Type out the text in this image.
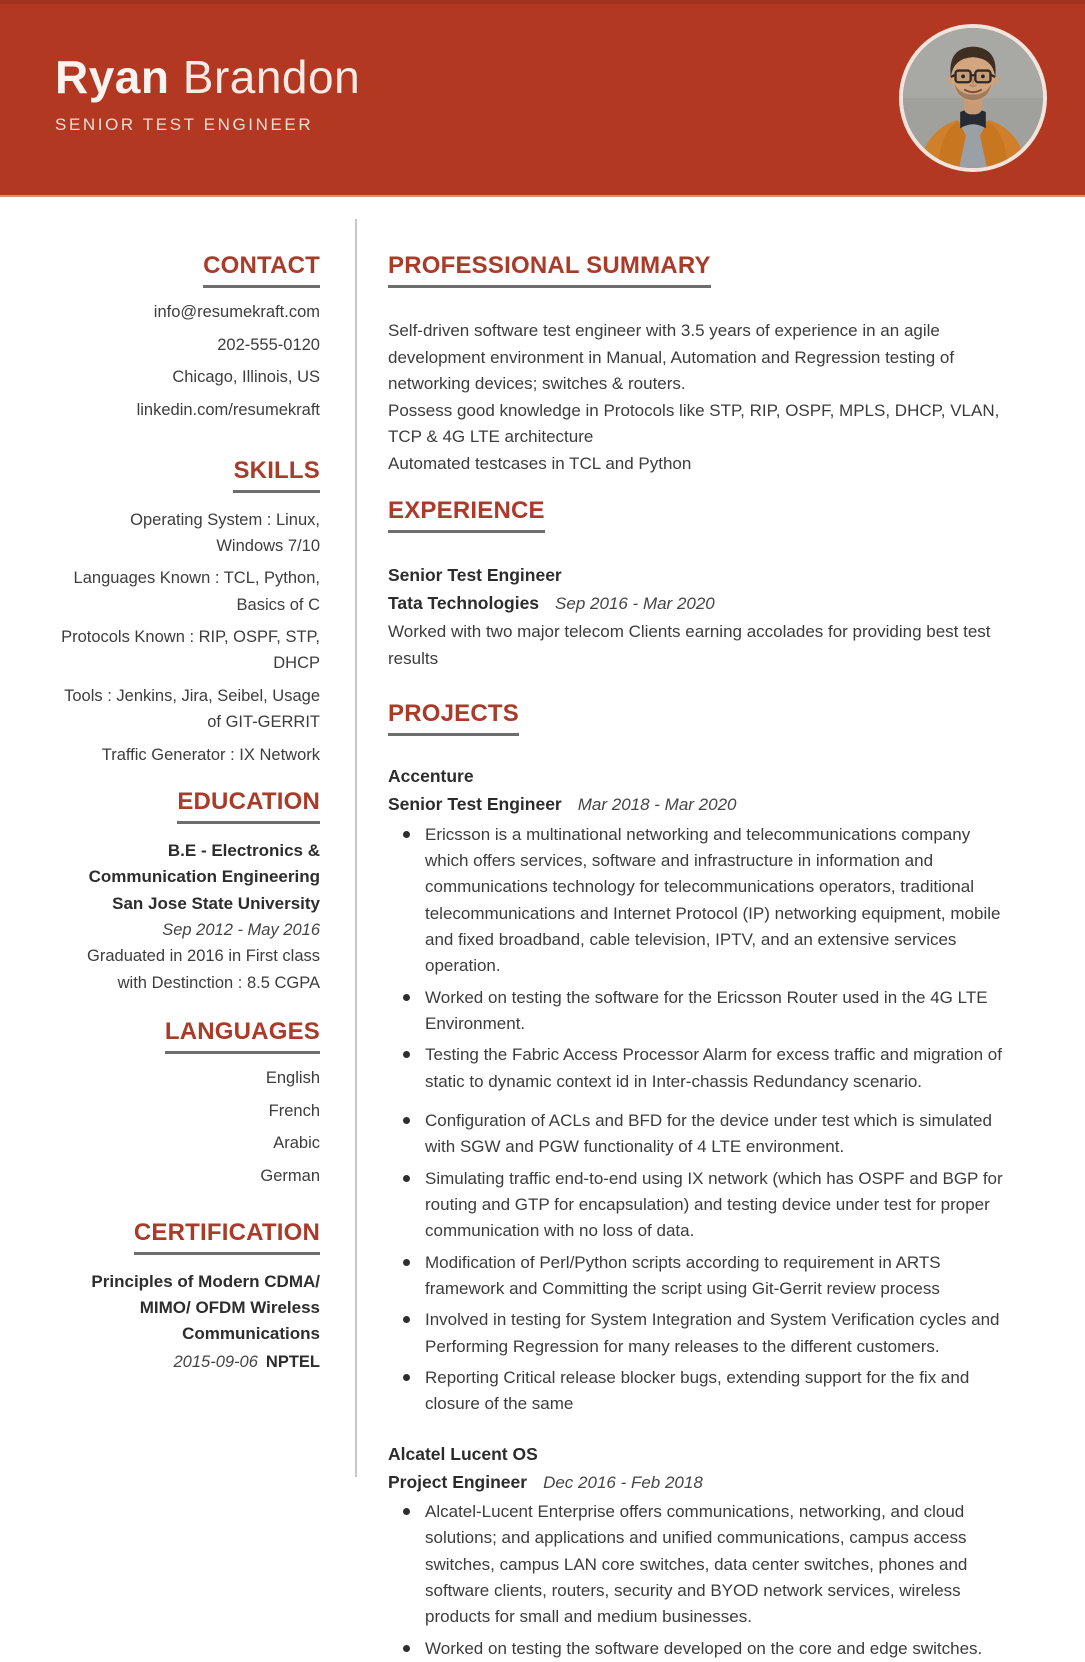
Ryan Brandon
SENIOR TEST ENGINEER
CONTACT
info@resumekraft.com
202-555-0120
Chicago, Illinois, US
linkedin.com/resumekraft
SKILLS
Operating System : Linux, Windows 7/10
Languages Known : TCL, Python, Basics of C
Protocols Known : RIP, OSPF, STP, DHCP
Tools : Jenkins, Jira, Seibel, Usage of GIT-GERRIT
Traffic Generator : IX Network
EDUCATION
B.E - Electronics & Communication Engineering
San Jose State University
Sep 2012 - May 2016
Graduated in 2016 in First class with Destinction : 8.5 CGPA
LANGUAGES
English
French
Arabic
German
CERTIFICATION
Principles of Modern CDMA/ MIMO/ OFDM Wireless Communications
2015-09-06 NPTEL
PROFESSIONAL SUMMARY

Self-driven software test engineer with 3.5 years of experience in an agile development environment in Manual, Automation and Regression testing of networking devices; switches & routers.

Possess good knowledge in Protocols like STP, RIP, OSPF, MPLS, DHCP, VLAN, TCP & 4G LTE architecture

Automated testcases in TCL and Python

EXPERIENCE
Senior Test Engineer
Tata Technologies Sep 2016 - Mar 2020

Worked with two major telecom Clients earning accolades for providing best test results

PROJECTS
Accenture
Senior Test Engineer Mar 2018 - Mar 2020
Ericsson is a multinational networking and telecommunications company which offers services, software and infrastructure in information and communications technology for telecommunications operators, traditional telecommunications and Internet Protocol (IP) networking equipment, mobile and fixed broadband, cable television, IPTV, and an extensive services operation.
Worked on testing the software for the Ericsson Router used in the 4G LTE Environment.
Testing the Fabric Access Processor Alarm for excess traffic and migration of static to dynamic context id in Inter-chassis Redundancy scenario.
Configuration of ACLs and BFD for the device under test which is simulated with SGW and PGW functionality of 4 LTE environment.
Simulating traffic end-to-end using IX network (which has OSPF and BGP for routing and GTP for encapsulation) and testing device under test for proper communication with no loss of data.
Modification of Perl/Python scripts according to requirement in ARTS framework and Committing the script using Git-Gerrit review process
Involved in testing for System Integration and System Verification cycles and Performing Regression for many releases to the different customers.
Reporting Critical release blocker bugs, extending support for the fix and closure of the same
Alcatel Lucent OS
Project Engineer Dec 2016 - Feb 2018
Alcatel-Lucent Enterprise offers communications, networking, and cloud solutions; and applications and unified communications, campus access switches, campus LAN core switches, data center switches, phones and software clients, routers, security and BYOD network services, wireless products for small and medium businesses.
Worked on testing the software developed on the core and edge switches.
